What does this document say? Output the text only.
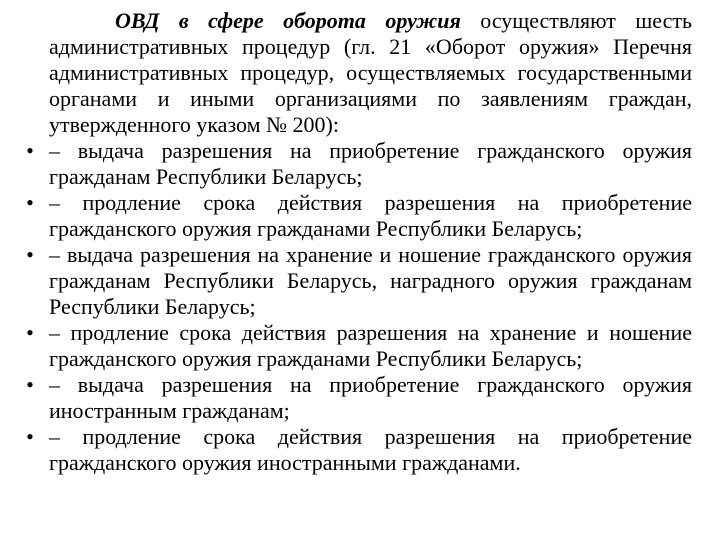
ОВД в сфере оборота оружия осуществляют шесть административных процедур (гл. 21 «Оборот оружия» Перечня административных процедур, осуществляемых государственными органами и иными организациями по заявлениям граждан, утвержденного указом № 200):

• – выдача разрешения на приобретение гражданского оружия гражданам Республики Беларусь;
• – продление срока действия разрешения на приобретение гражданского оружия гражданами Республики Беларусь;
• – выдача разрешения на хранение и ношение гражданского оружия гражданам Республики Беларусь, наградного оружия гражданам Республики Беларусь;
• – продление срока действия разрешения на хранение и ношение гражданского оружия гражданами Республики Беларусь;
• – выдача разрешения на приобретение гражданского оружия иностранным гражданам;
• – продление срока действия разрешения на приобретение гражданского оружия иностранными гражданами.
